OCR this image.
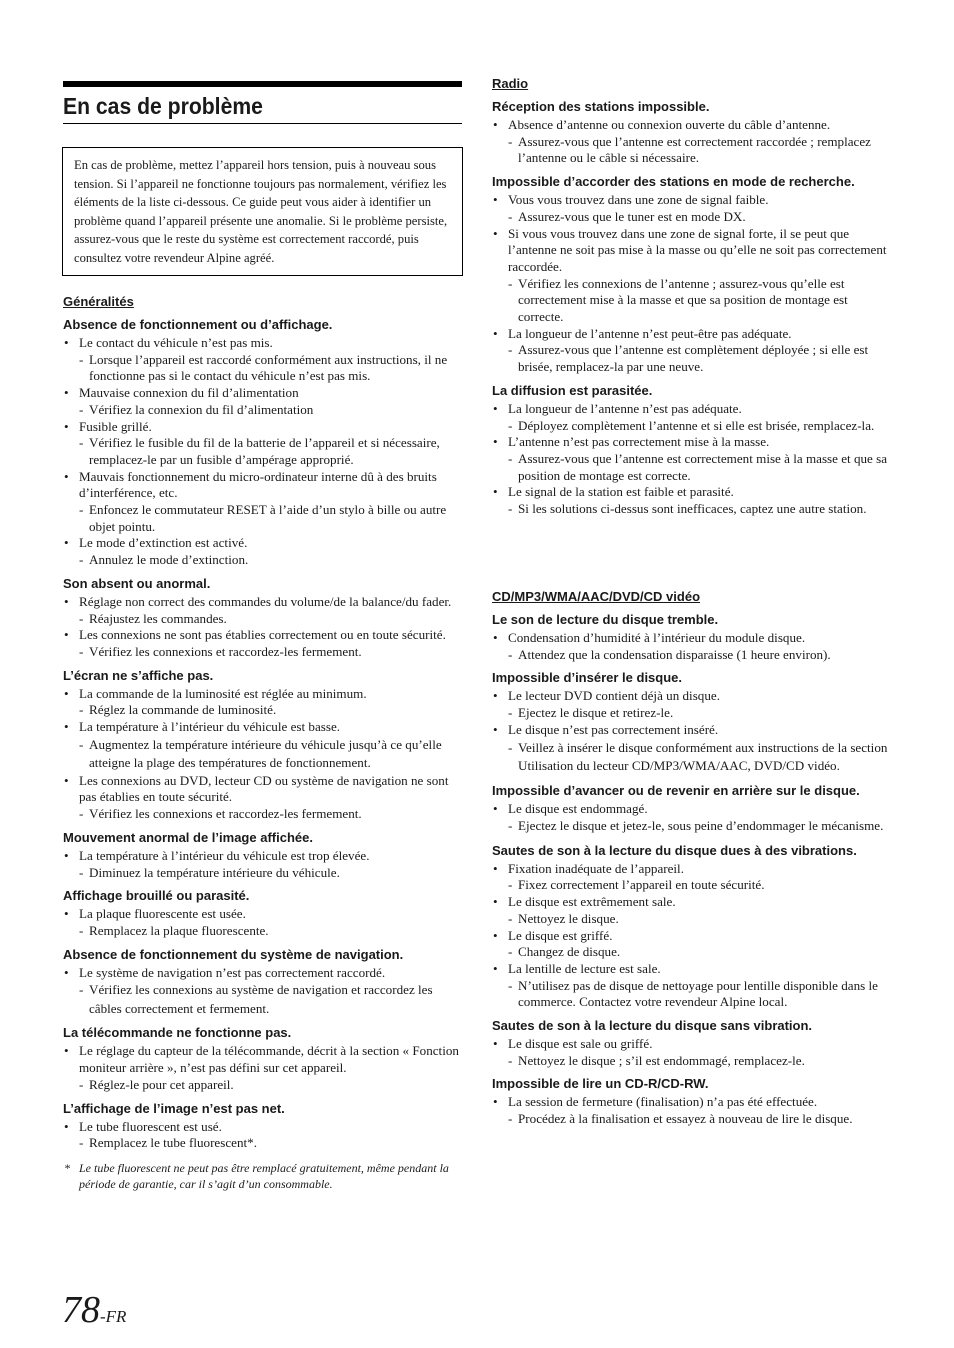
En cas de problème
En cas de problème, mettez l’appareil hors tension, puis à nouveau sous tension. Si l’appareil ne fonctionne toujours pas normalement, vérifiez les éléments de la liste ci-dessous. Ce guide peut vous aider à identifier un problème quand l’appareil présente une anomalie. Si le problème persiste, assurez-vous que le reste du système est correctement raccordé, puis consultez votre revendeur Alpine agréé.
Généralités
Absence de fonctionnement ou d’affichage.
• Le contact du véhicule n’est pas mis.
- Lorsque l’appareil est raccordé conformément aux instructions, il ne fonctionne pas si le contact du véhicule n’est pas mis.
• Mauvaise connexion du fil d’alimentation
- Vérifiez la connexion du fil d’alimentation
• Fusible grillé.
- Vérifiez le fusible du fil de la batterie de l’appareil et si nécessaire, remplacez-le par un fusible d’ampérage approprié.
• Mauvais fonctionnement du micro-ordinateur interne dû à des bruits d’interférence, etc.
- Enfoncez le commutateur RESET à l’aide d’un stylo à bille ou autre objet pointu.
• Le mode d’extinction est activé.
- Annulez le mode d’extinction.
Son absent ou anormal.
• Réglage non correct des commandes du volume/de la balance/du fader.
- Réajustez les commandes.
• Les connexions ne sont pas établies correctement ou en toute sécurité.
- Vérifiez les connexions et raccordez-les fermement.
L’écran ne s’affiche pas.
• La commande de la luminosité est réglée au minimum.
- Réglez la commande de luminosité.
• La température à l’intérieur du véhicule est basse.
- Augmentez la température intérieure du véhicule jusqu’à ce qu’elle atteigne la plage des températures de fonctionnement.
• Les connexions au DVD, lecteur CD ou système de navigation ne sont pas établies en toute sécurité.
- Vérifiez les connexions et raccordez-les fermement.
Mouvement anormal de l’image affichée.
• La température à l’intérieur du véhicule est trop élevée.
- Diminuez la température intérieure du véhicule.
Affichage brouillé ou parasité.
• La plaque fluorescente est usée.
- Remplacez la plaque fluorescente.
Absence de fonctionnement du système de navigation.
• Le système de navigation n’est pas correctement raccordé.
- Vérifiez les connexions au système de navigation et raccordez les câbles correctement et fermement.
La télécommande ne fonctionne pas.
• Le réglage du capteur de la télécommande, décrit à la section « Fonction moniteur arrière », n’est pas défini sur cet appareil.
- Réglez-le pour cet appareil.
L’affichage de l’image n’est pas net.
• Le tube fluorescent est usé.
- Remplacez le tube fluorescent*.
* Le tube fluorescent ne peut pas être remplacé gratuitement, même pendant la période de garantie, car il s’agit d’un consommable.
Radio
Réception des stations impossible.
• Absence d’antenne ou connexion ouverte du câble d’antenne.
- Assurez-vous que l’antenne est correctement raccordée ; remplacez l’antenne ou le câble si nécessaire.
Impossible d’accorder des stations en mode de recherche.
• Vous vous trouvez dans une zone de signal faible.
- Assurez-vous que le tuner est en mode DX.
• Si vous vous trouvez dans une zone de signal forte, il se peut que l’antenne ne soit pas mise à la masse ou qu’elle ne soit pas correctement raccordée.
- Vérifiez les connexions de l’antenne ; assurez-vous qu’elle est correctement mise à la masse et que sa position de montage est correcte.
• La longueur de l’antenne n’est peut-être pas adéquate.
- Assurez-vous que l’antenne est complètement déployée ; si elle est brisée, remplacez-la par une neuve.
La diffusion est parasitée.
• La longueur de l’antenne n’est pas adéquate.
- Déployez complètement l’antenne et si elle est brisée, remplacez-la.
• L’antenne n’est pas correctement mise à la masse.
- Assurez-vous que l’antenne est correctement mise à la masse et que sa position de montage est correcte.
• Le signal de la station est faible et parasité.
- Si les solutions ci-dessus sont inefficaces, captez une autre station.
CD/MP3/WMA/AAC/DVD/CD vidéo
Le son de lecture du disque tremble.
• Condensation d’humidité à l’intérieur du module disque.
- Attendez que la condensation disparaisse (1 heure environ).
Impossible d’insérer le disque.
• Le lecteur DVD contient déjà un disque.
- Ejectez le disque et retirez-le.
• Le disque n’est pas correctement inséré.
- Veillez à insérer le disque conformément aux instructions de la section Utilisation du lecteur CD/MP3/WMA/AAC, DVD/CD vidéo.
Impossible d’avancer ou de revenir en arrière sur le disque.
• Le disque est endommagé.
- Ejectez le disque et jetez-le, sous peine d’endommager le mécanisme.
Sautes de son à la lecture du disque dues à des vibrations.
• Fixation inadéquate de l’appareil.
- Fixez correctement l’appareil en toute sécurité.
• Le disque est extrêmement sale.
- Nettoyez le disque.
• Le disque est griffé.
- Changez de disque.
• La lentille de lecture est sale.
- N’utilisez pas de disque de nettoyage pour lentille disponible dans le commerce. Contactez votre revendeur Alpine local.
Sautes de son à la lecture du disque sans vibration.
• Le disque est sale ou griffé.
- Nettoyez le disque ; s’il est endommagé, remplacez-le.
Impossible de lire un CD-R/CD-RW.
• La session de fermeture (finalisation) n’a pas été effectuée.
- Procédez à la finalisation et essayez à nouveau de lire le disque.
78-FR
